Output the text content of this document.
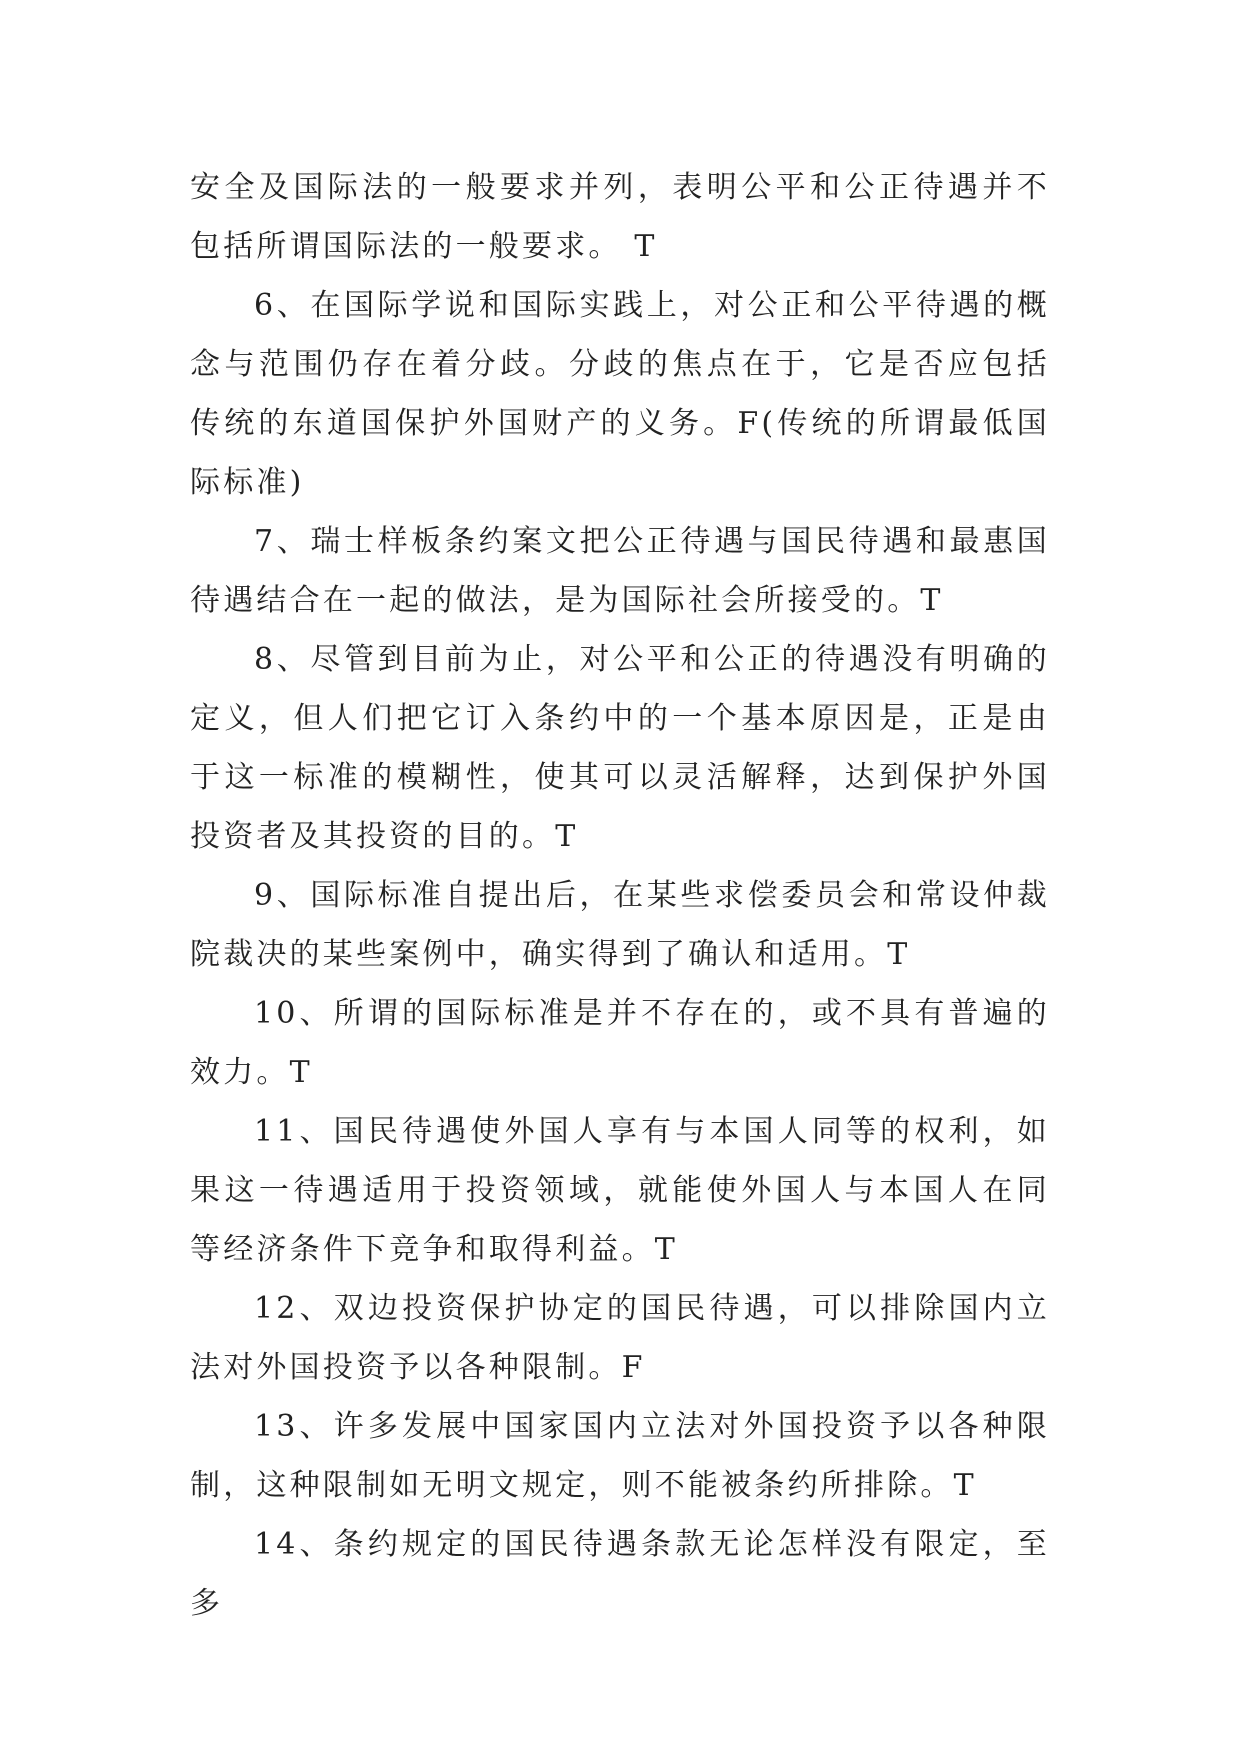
安全及国际法的一般要求并列，表明公平和公正待遇并不包括所谓国际法的一般要求。 T

6、在国际学说和国际实践上，对公正和公平待遇的概念与范围仍存在着分歧。分歧的焦点在于，它是否应包括传统的东道国保护外国财产的义务。F(传统的所谓最低国际标准)

7、瑞士样板条约案文把公正待遇与国民待遇和最惠国待遇结合在一起的做法，是为国际社会所接受的。T

8、尽管到目前为止，对公平和公正的待遇没有明确的定义，但人们把它订入条约中的一个基本原因是，正是由于这一标准的模糊性，使其可以灵活解释，达到保护外国投资者及其投资的目的。T

9、国际标准自提出后，在某些求偿委员会和常设仲裁院裁决的某些案例中，确实得到了确认和适用。T

10、所谓的国际标准是并不存在的，或不具有普遍的效力。T

11、国民待遇使外国人享有与本国人同等的权利，如果这一待遇适用于投资领域，就能使外国人与本国人在同等经济条件下竞争和取得利益。T

12、双边投资保护协定的国民待遇，可以排除国内立法对外国投资予以各种限制。F

13、许多发展中国家国内立法对外国投资予以各种限制，这种限制如无明文规定，则不能被条约所排除。T

14、条约规定的国民待遇条款无论怎样没有限定，至多
